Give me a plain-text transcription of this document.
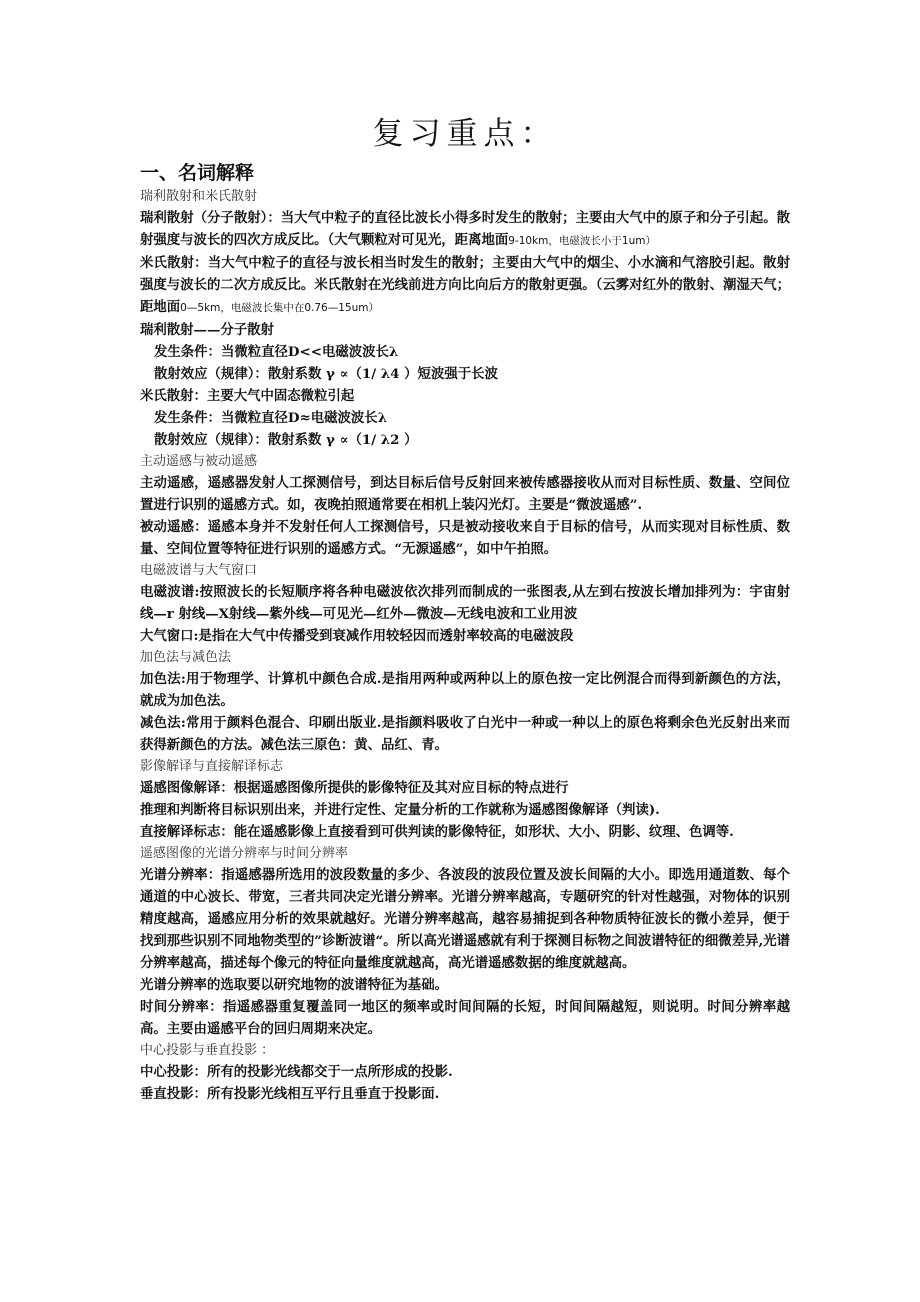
复习重点：
一、名词解释
瑞利散射和米氏散射

瑞利散射（分子散射）：当大气中粒子的直径比波长小得多时发生的散射；主要由大气中的原子和分子引起。散射强度与波长的四次方成反比。（大气颗粒对可见光，距离地面9-10km，电磁波长小于1um）

米氏散射：当大气中粒子的直径与波长相当时发生的散射；主要由大气中的烟尘、小水滴和气溶胶引起。散射强度与波长的二次方成反比。米氏散射在光线前进方向比向后方的散射更强。（云雾对红外的散射、潮湿天气；距地面0—5km，电磁波长集中在0.76—15um）

瑞利散射——分子散射

发生条件：当微粒直径D<<电磁波波长λ

散射效应（规律）：散射系数 γ ∝（1/ λ4 ）短波强于长波

米氏散射：主要大气中固态微粒引起

发生条件：当微粒直径D≈电磁波波长λ

散射效应（规律）：散射系数 γ ∝（1/ λ2 ）

主动遥感与被动遥感

主动遥感，遥感器发射人工探测信号，到达目标后信号反射回来被传感器接收从而对目标性质、数量、空间位置进行识别的遥感方式。如，夜晚拍照通常要在相机上装闪光灯。主要是“微波遥感”.

被动遥感：遥感本身并不发射任何人工探测信号，只是被动接收来自于目标的信号，从而实现对目标性质、数量、空间位置等特征进行识别的遥感方式。“无源遥感”，如中午拍照。

电磁波谱与大气窗口

电磁波谱:按照波长的长短顺序将各种电磁波依次排列而制成的一张图表,从左到右按波长增加排列为：宇宙射线—r 射线—X射线—紫外线—可见光—红外—微波—无线电波和工业用波

大气窗口:是指在大气中传播受到衰减作用较轻因而透射率较高的电磁波段

加色法与减色法

加色法:用于物理学、计算机中颜色合成.是指用两种或两种以上的原色按一定比例混合而得到新颜色的方法，就成为加色法。

减色法:常用于颜料色混合、印刷出版业.是指颜料吸收了白光中一种或一种以上的原色将剩余色光反射出来而获得新颜色的方法。减色法三原色：黄、品红、青。

影像解译与直接解译标志

遥感图像解译：根据遥感图像所提供的影像特征及其对应目标的特点进行

推理和判断将目标识别出来，并进行定性、定量分析的工作就称为遥感图像解译（判读).

直接解译标志：能在遥感影像上直接看到可供判读的影像特征，如形状、大小、阴影、纹理、色调等.

遥感图像的光谱分辨率与时间分辨率

光谱分辨率：指遥感器所选用的波段数量的多少、各波段的波段位置及波长间隔的大小。即选用通道数、每个通道的中心波长、带宽，三者共同决定光谱分辨率。光谱分辨率越高，专题研究的针对性越强，对物体的识别精度越高，遥感应用分析的效果就越好。光谱分辨率越高，越容易捕捉到各种物质特征波长的微小差异，便于找到那些识别不同地物类型的”诊断波谱“。所以高光谱遥感就有利于探测目标物之间波谱特征的细微差异,光谱分辨率越高，描述每个像元的特征向量维度就越高，高光谱遥感数据的维度就越高。

光谱分辨率的选取要以研究地物的波谱特征为基础。

时间分辨率：指遥感器重复覆盖同一地区的频率或时间间隔的长短，时间间隔越短，则说明。时间分辨率越高。主要由遥感平台的回归周期来决定。

中心投影与垂直投影 ：

中心投影：所有的投影光线都交于一点所形成的投影.

垂直投影：所有投影光线相互平行且垂直于投影面.
